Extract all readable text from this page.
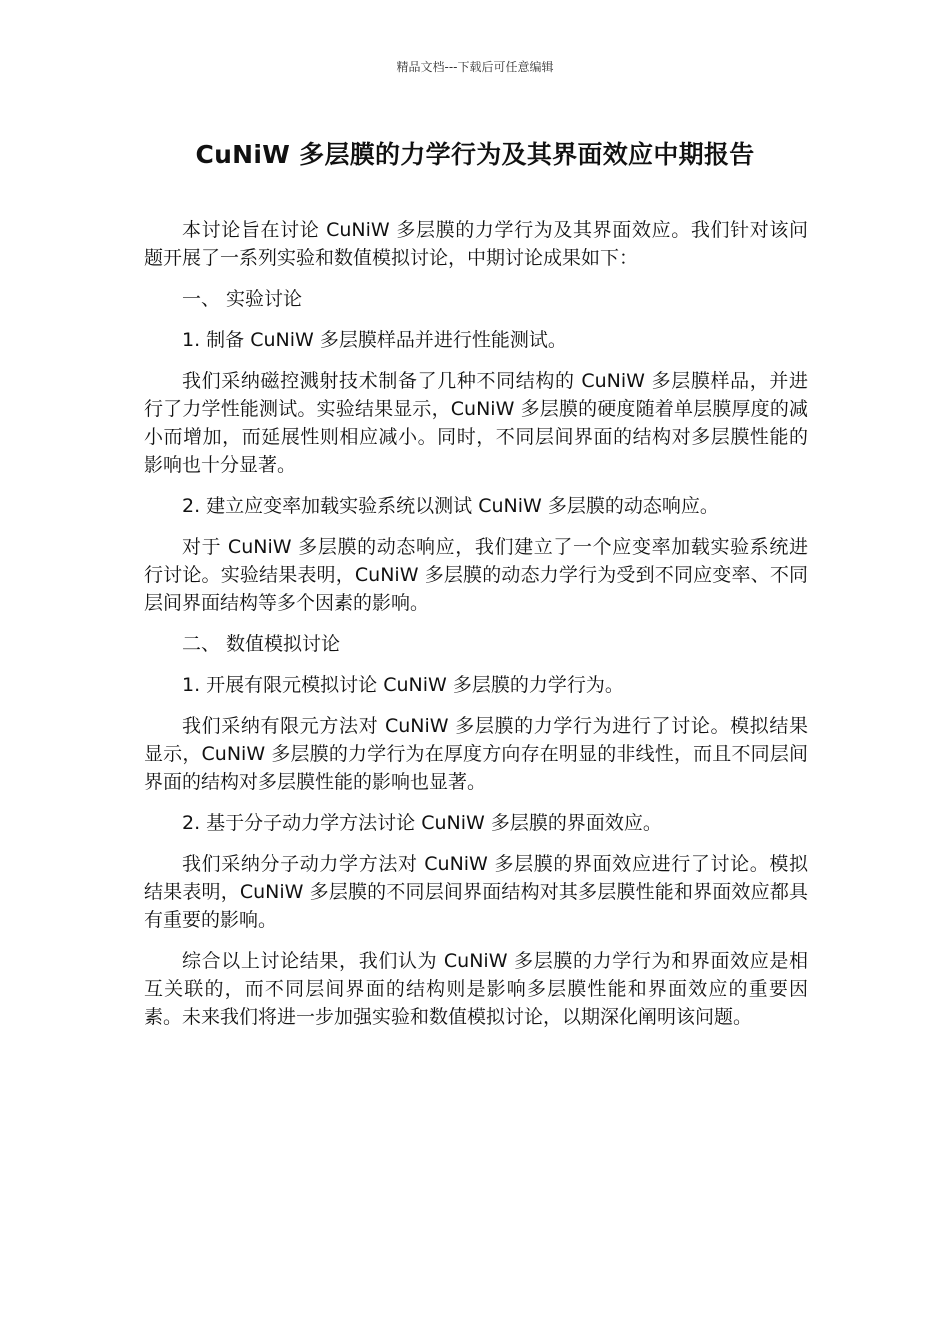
精品文档---下载后可任意编辑
CuNiW 多层膜的力学行为及其界面效应中期报告

本讨论旨在讨论 CuNiW 多层膜的力学行为及其界面效应。我们针对该问题开展了一系列实验和数值模拟讨论，中期讨论成果如下：

一、 实验讨论

1. 制备 CuNiW 多层膜样品并进行性能测试。

我们采纳磁控溅射技术制备了几种不同结构的 CuNiW 多层膜样品，并进行了力学性能测试。实验结果显示，CuNiW 多层膜的硬度随着单层膜厚度的减小而增加，而延展性则相应减小。同时，不同层间界面的结构对多层膜性能的影响也十分显著。

2. 建立应变率加载实验系统以测试 CuNiW 多层膜的动态响应。

对于 CuNiW 多层膜的动态响应，我们建立了一个应变率加载实验系统进行讨论。实验结果表明，CuNiW 多层膜的动态力学行为受到不同应变率、不同层间界面结构等多个因素的影响。

二、 数值模拟讨论

1. 开展有限元模拟讨论 CuNiW 多层膜的力学行为。

我们采纳有限元方法对 CuNiW 多层膜的力学行为进行了讨论。模拟结果显示，CuNiW 多层膜的力学行为在厚度方向存在明显的非线性，而且不同层间界面的结构对多层膜性能的影响也显著。

2. 基于分子动力学方法讨论 CuNiW 多层膜的界面效应。

我们采纳分子动力学方法对 CuNiW 多层膜的界面效应进行了讨论。模拟结果表明，CuNiW 多层膜的不同层间界面结构对其多层膜性能和界面效应都具有重要的影响。

综合以上讨论结果，我们认为 CuNiW 多层膜的力学行为和界面效应是相互关联的，而不同层间界面的结构则是影响多层膜性能和界面效应的重要因素。未来我们将进一步加强实验和数值模拟讨论，以期深化阐明该问题。
